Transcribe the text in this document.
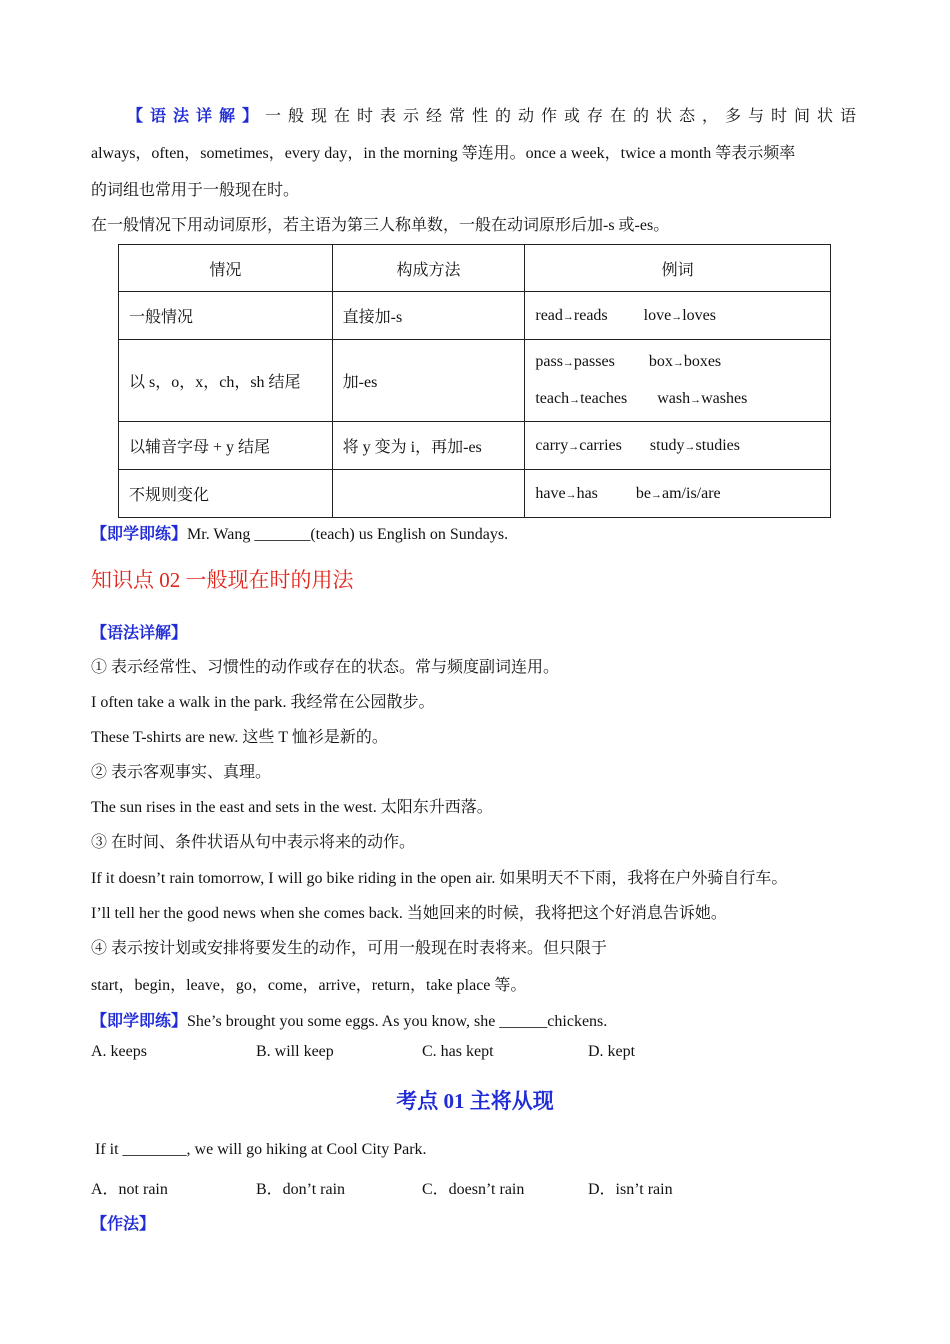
【语法详解】一般现在时表示经常性的动作或存在的状态，多与时间状语
always，often，sometimes，every day，in the morning 等连用。once a week，twice a month 等表示频率
的词组也常用于一般现在时。
在一般情况下用动词原形，若主语为第三人称单数，一般在动词原形后加-s 或-es。
情况	构成方法	例词
一般情况	直接加-s	read→reads love→loves
以 s，o，x，ch，sh 结尾	加-es	pass→passes box→boxes
teach→teaches wash→washes

以辅音字母 + y 结尾	将 y 变为 i，再加-es	carry→carries study→studies
不规则变化		have→has be→am/is/are
【即学即练】Mr. Wang _______(teach) us English on Sundays.
知识点 02 一般现在时的用法
【语法详解】
① 表示经常性、习惯性的动作或存在的状态。常与频度副词连用。
I often take a walk in the park. 我经常在公园散步。
These T-shirts are new. 这些 T 恤衫是新的。
② 表示客观事实、真理。
The sun rises in the east and sets in the west. 太阳东升西落。
③ 在时间、条件状语从句中表示将来的动作。
If it doesn’t rain tomorrow, I will go bike riding in the open air. 如果明天不下雨，我将在户外骑自行车。
I’ll tell her the good news when she comes back. 当她回来的时候，我将把这个好消息告诉她。
④ 表示按计划或安排将要发生的动作，可用一般现在时表将来。但只限于
start，begin，leave，go，come，arrive，return，take place 等。
【即学即练】She’s brought you some eggs. As you know, she ______chickens.
A. keeps	B. will keep	C. has kept	D. kept
考点 01 主将从现
If it ________, we will go hiking at Cool City Park.
A．not rain	B．don’t rain	C．doesn’t rain	D．isn’t rain
【作法】
